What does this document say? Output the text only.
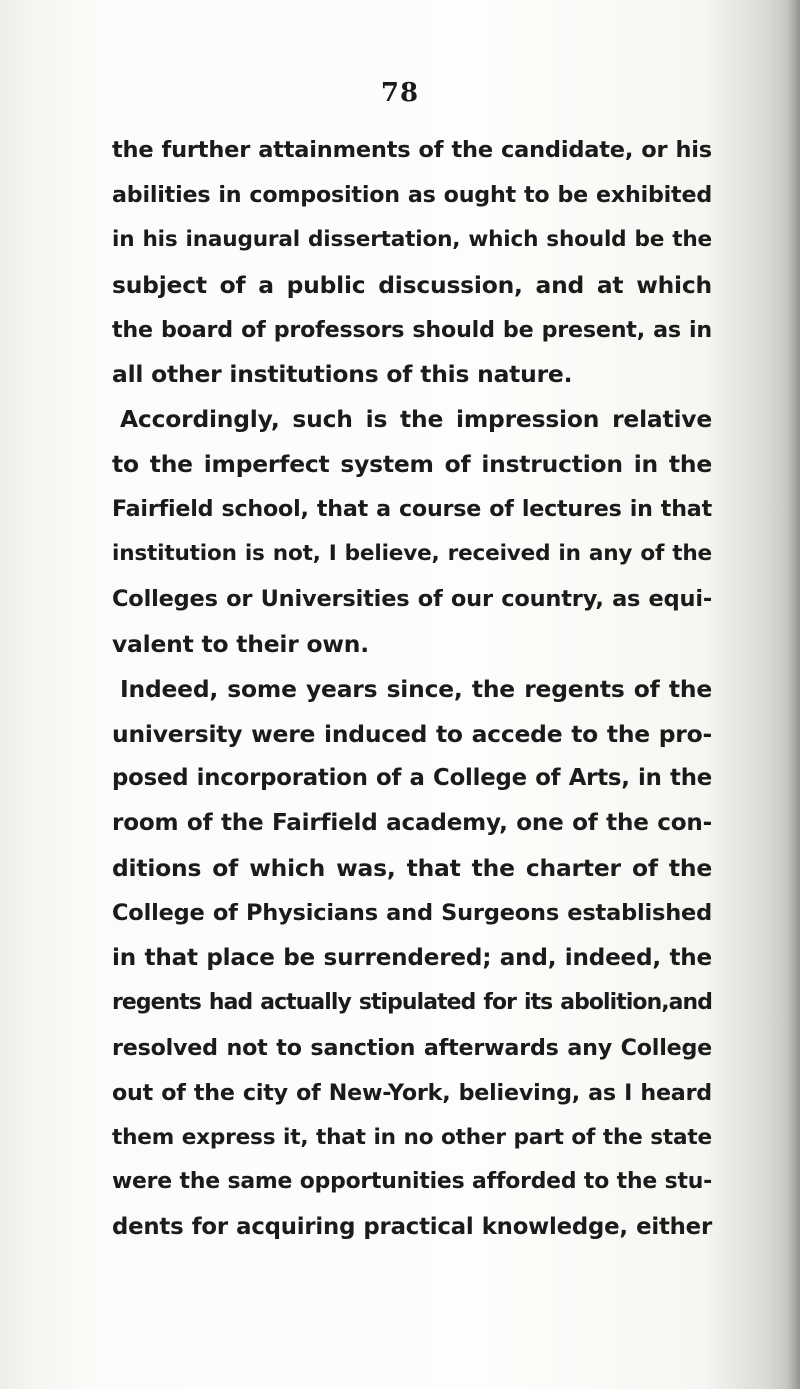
78
the further attainments of the candidate, or his
abilities in composition as ought to be exhibited
in his inaugural dissertation, which should be the
subject of a public discussion, and at which
the board of professors should be present, as in
all other institutions of this nature.
Accordingly, such is the impression relative
to the imperfect system of instruction in the
Fairfield school, that a course of lectures in that
institution is not, I believe, received in any of the
Colleges or Universities of our country, as equi-
valent to their own.
Indeed, some years since, the regents of the
university were induced to accede to the pro-
posed incorporation of a College of Arts, in the
room of the Fairfield academy, one of the con-
ditions of which was, that the charter of the
College of Physicians and Surgeons established
in that place be surrendered; and, indeed, the
regents had actually stipulated for its abolition,and
resolved not to sanction afterwards any College
out of the city of New-York, believing, as I heard
them express it, that in no other part of the state
were the same opportunities afforded to the stu-
dents for acquiring practical knowledge, either
